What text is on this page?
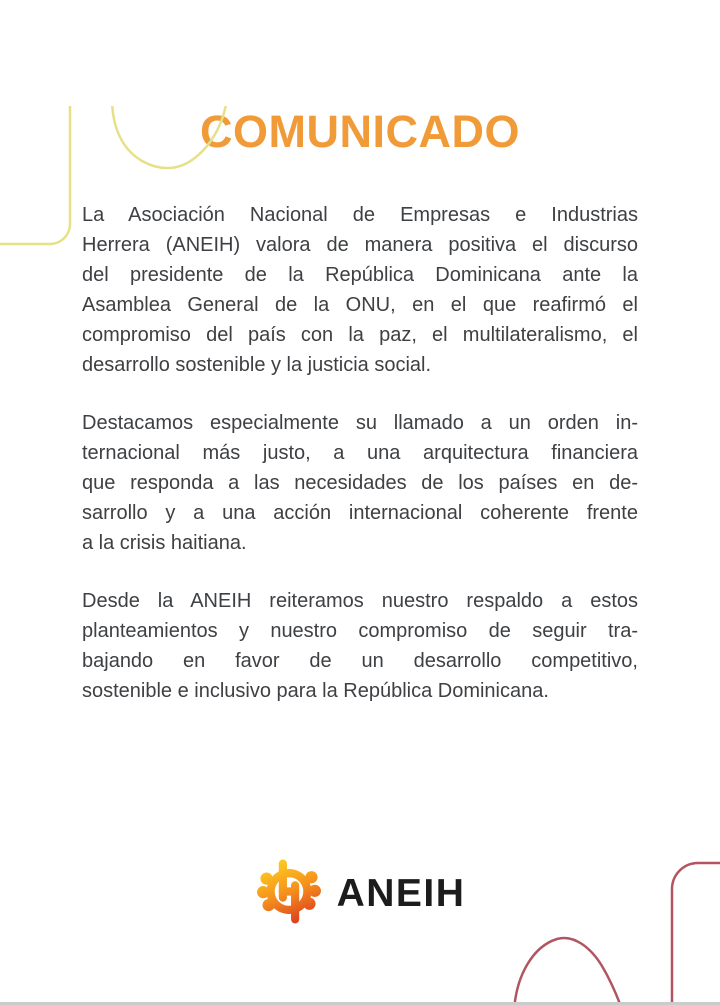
COMUNICADO
La Asociación Nacional de Empresas e Industrias
Herrera (ANEIH) valora de manera positiva el discurso
del presidente de la República Dominicana ante la
Asamblea General de la ONU, en el que reafirmó el
compromiso del país con la paz, el multilateralismo, el
desarrollo sostenible y la justicia social.
Destacamos especialmente su llamado a un orden in-
ternacional más justo, a una arquitectura financiera
que responda a las necesidades de los países en de-
sarrollo y a una acción internacional coherente frente
a la crisis haitiana.
Desde la ANEIH reiteramos nuestro respaldo a estos
planteamientos y nuestro compromiso de seguir tra-
bajando en favor de un desarrollo competitivo,
sostenible e inclusivo para la República Dominicana.
ANEIH
